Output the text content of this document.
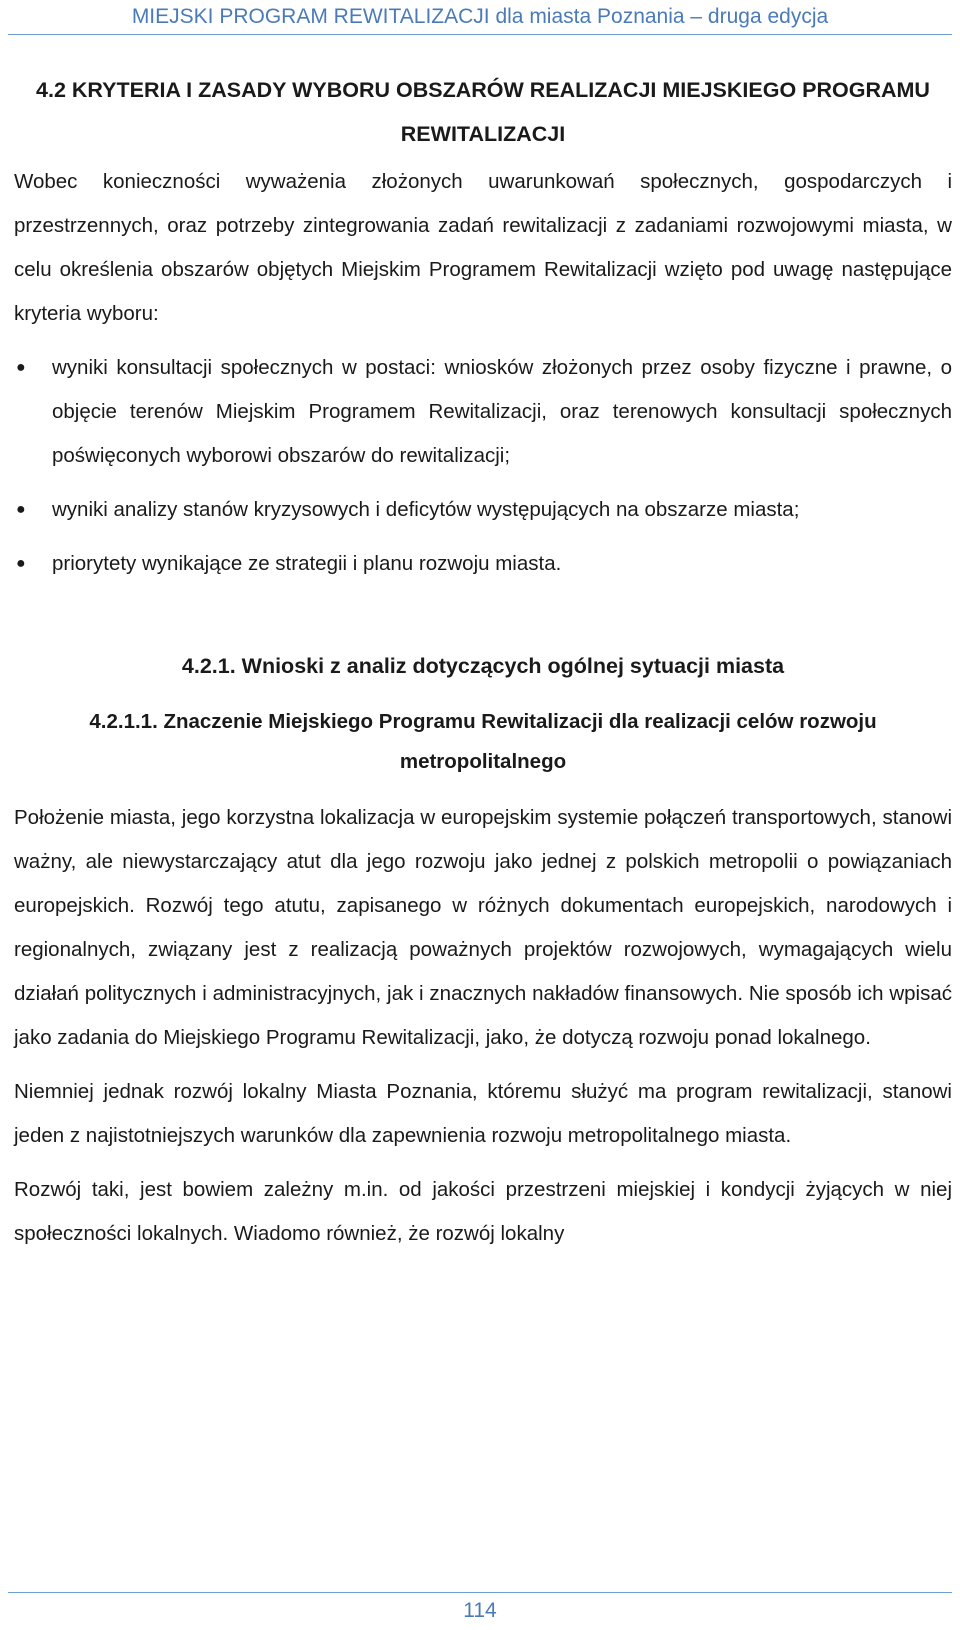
MIEJSKI PROGRAM REWITALIZACJI dla miasta Poznania – druga edycja
4.2 KRYTERIA I ZASADY WYBORU OBSZARÓW REALIZACJI MIEJSKIEGO PROGRAMU REWITALIZACJI

Wobec konieczności wyważenia złożonych uwarunkowań społecznych, gospodarczych i przestrzennych, oraz potrzeby zintegrowania zadań rewitalizacji z zadaniami rozwojowymi miasta, w celu określenia obszarów objętych Miejskim Programem Rewitalizacji wzięto pod uwagę następujące kryteria wyboru:

● wyniki konsultacji społecznych w postaci: wniosków złożonych przez osoby fizyczne i prawne, o objęcie terenów Miejskim Programem Rewitalizacji, oraz terenowych konsultacji społecznych poświęconych wyborowi obszarów do rewitalizacji;
● wyniki analizy stanów kryzysowych i deficytów występujących na obszarze miasta;
● priorytety wynikające ze strategii i planu rozwoju miasta.
4.2.1. Wnioski z analiz dotyczących ogólnej sytuacji miasta
4.2.1.1. Znaczenie Miejskiego Programu Rewitalizacji dla realizacji celów rozwoju metropolitalnego

Położenie miasta, jego korzystna lokalizacja w europejskim systemie połączeń transportowych, stanowi ważny, ale niewystarczający atut dla jego rozwoju jako jednej z polskich metropolii o powiązaniach europejskich. Rozwój tego atutu, zapisanego w różnych dokumentach europejskich, narodowych i regionalnych, związany jest z realizacją poważnych projektów rozwojowych, wymagających wielu działań politycznych i administracyjnych, jak i znacznych nakładów finansowych. Nie sposób ich wpisać jako zadania do Miejskiego Programu Rewitalizacji, jako, że dotyczą rozwoju ponad lokalnego.

Niemniej jednak rozwój lokalny Miasta Poznania, któremu służyć ma program rewitalizacji, stanowi jeden z najistotniejszych warunków dla zapewnienia rozwoju metropolitalnego miasta.

Rozwój taki, jest bowiem zależny m.in. od jakości przestrzeni miejskiej i kondycji żyjących w niej społeczności lokalnych. Wiadomo również, że rozwój lokalny

114
